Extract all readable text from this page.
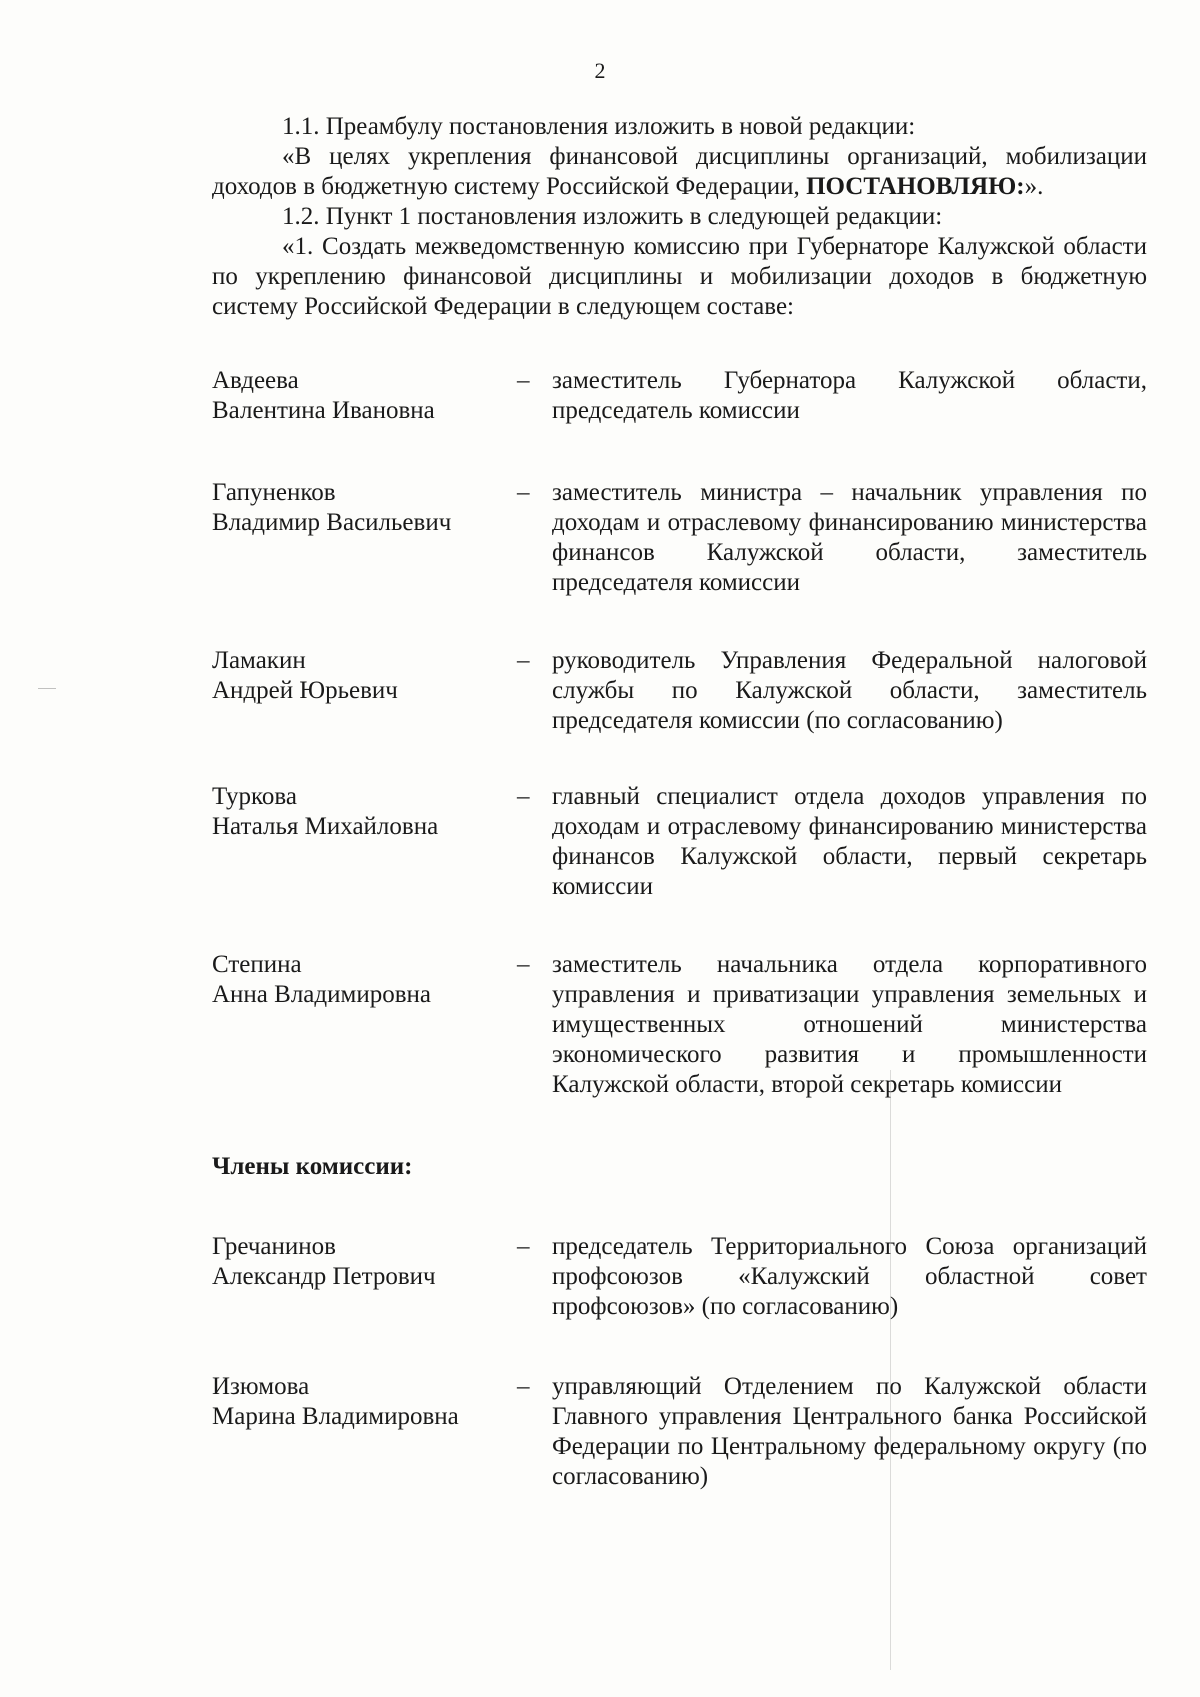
2

1.1. Преамбулу постановления изложить в новой редакции:

«В целях укрепления финансовой дисциплины организаций, мобилизации доходов в бюджетную систему Российской Федерации, ПОСТАНОВЛЯЮ:».

1.2. Пункт 1 постановления изложить в следующей редакции:

«1. Создать межведомственную комиссию при Губернаторе Калужской области по укреплению финансовой дисциплины и мобилизации доходов в бюджетную систему Российской Федерации в следующем составе:

Авдеева
Валентина Ивановна
– заместитель Губернатора Калужской области, председатель комиссии
Гапуненков
Владимир Васильевич
– заместитель министра – начальник управления по доходам и отраслевому финансированию министерства финансов Калужской области, заместитель председателя комиссии
Ламакин
Андрей Юрьевич
– руководитель Управления Федеральной налоговой службы по Калужской области, заместитель председателя комиссии (по согласованию)
Туркова
Наталья Михайловна
– главный специалист отдела доходов управления по доходам и отраслевому финансированию министерства финансов Калужской области, первый секретарь комиссии
Степина
Анна Владимировна
– заместитель начальника отдела корпоративного управления и приватизации управления земельных и имущественных отношений министерства экономического развития и промышленности Калужской области, второй секретарь комиссии

Члены комиссии:

Гречанинов
Александр Петрович
– председатель Территориального Союза организаций профсоюзов «Калужский областной совет профсоюзов» (по согласованию)
Изюмова
Марина Владимировна
– управляющий Отделением по Калужской области Главного управления Центрального банка Российской Федерации по Центральному федеральному округу (по согласованию)
